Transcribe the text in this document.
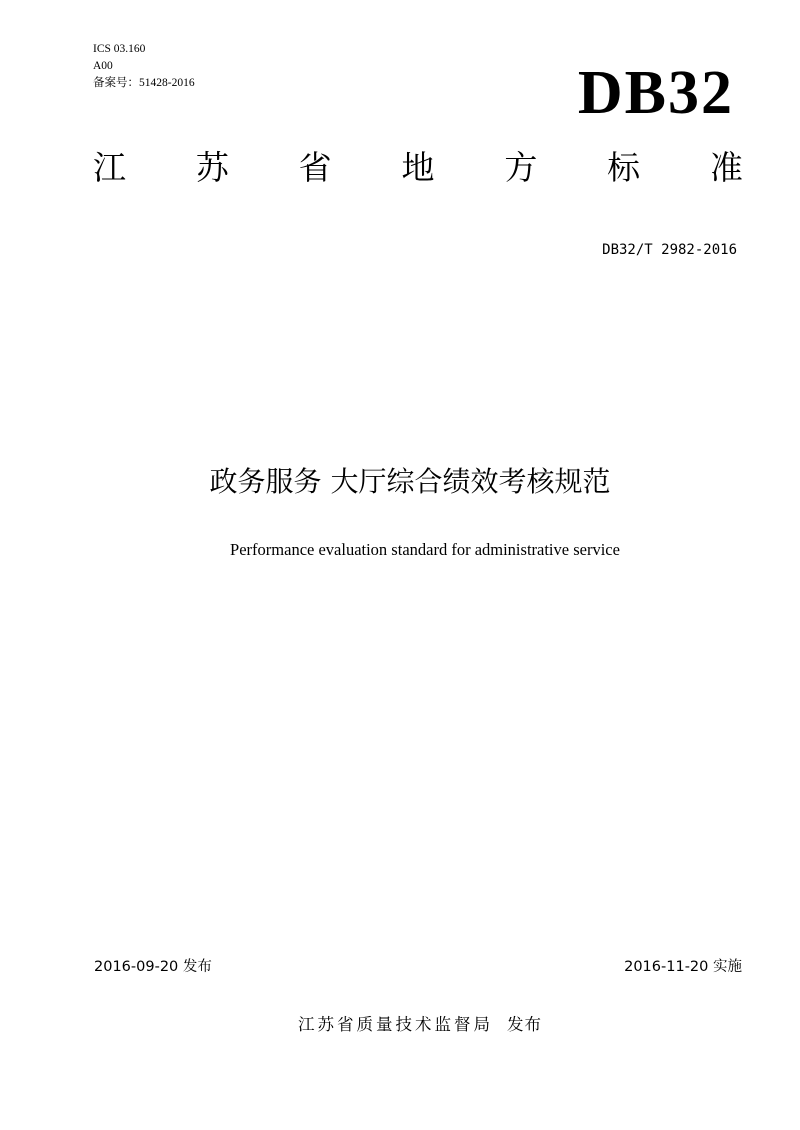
ICS 03.160
A00
备案号：51428-2016	DB32
江 苏 省 地 方 标 准
DB32/T 2982-2016
政务服务 大厅综合绩效考核规范
Performance evaluation standard for administrative service
2016-09-20 发布	2016-11-20 实施
江苏省质量技术监督局 发布
